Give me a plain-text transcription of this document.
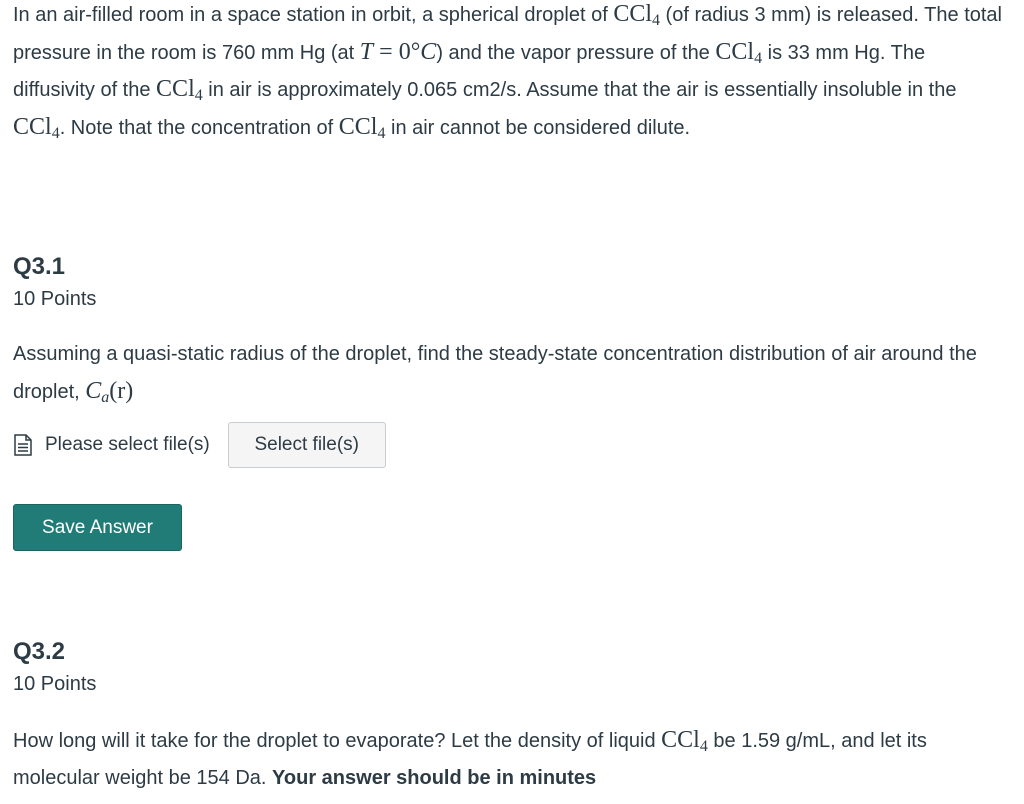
In an air-filled room in a space station in orbit, a spherical droplet of CCl$_4$ (of radius 3 mm) is released. The total pressure in the room is 760 mm Hg (at T = 0°C) and the vapor pressure of the CCl$_4$ is 33 mm Hg. The diffusivity of the CCl$_4$ in air is approximately 0.065 cm2/s. Assume that the air is essentially insoluble in the CCl$_4$. Note that the concentration of CCl$_4$ in air cannot be considered dilute.

Q3.1

10 Points

Assuming a quasi-static radius of the droplet, find the steady-state concentration distribution of air around the droplet, $C_a(r)$

Please select file(s)	Select file(s)
Save Answer
Q3.2

10 Points

How long will it take for the droplet to evaporate? Let the density of liquid CCl$_4$ be 1.59 g/mL, and let its molecular weight be 154 Da. Your answer should be in minutes
